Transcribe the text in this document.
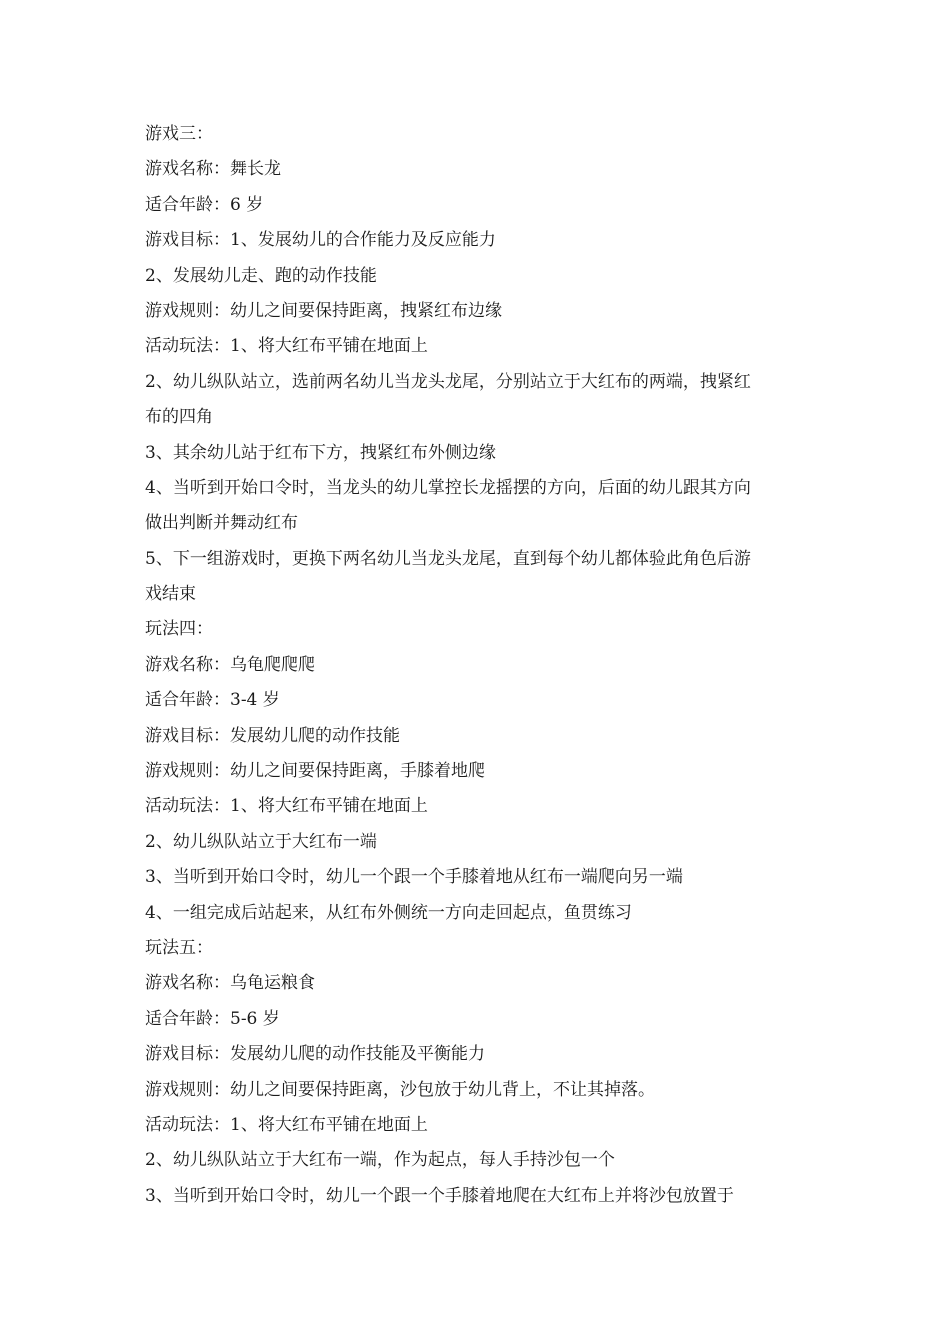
游戏三：
游戏名称：舞长龙
适合年龄：6 岁
游戏目标：1、发展幼儿的合作能力及反应能力
2、发展幼儿走、跑的动作技能
游戏规则：幼儿之间要保持距离，拽紧红布边缘
活动玩法：1、将大红布平铺在地面上
2、幼儿纵队站立，选前两名幼儿当龙头龙尾，分别站立于大红布的两端，拽紧红
布的四角
3、其余幼儿站于红布下方，拽紧红布外侧边缘
4、当听到开始口令时，当龙头的幼儿掌控长龙摇摆的方向，后面的幼儿跟其方向
做出判断并舞动红布
5、下一组游戏时，更换下两名幼儿当龙头龙尾，直到每个幼儿都体验此角色后游
戏结束
玩法四：
游戏名称：乌龟爬爬爬
适合年龄：3-4 岁
游戏目标：发展幼儿爬的动作技能
游戏规则：幼儿之间要保持距离，手膝着地爬
活动玩法：1、将大红布平铺在地面上
2、幼儿纵队站立于大红布一端
3、当听到开始口令时，幼儿一个跟一个手膝着地从红布一端爬向另一端
4、一组完成后站起来，从红布外侧统一方向走回起点，鱼贯练习
玩法五：
游戏名称：乌龟运粮食
适合年龄：5-6 岁
游戏目标：发展幼儿爬的动作技能及平衡能力
游戏规则：幼儿之间要保持距离，沙包放于幼儿背上，不让其掉落。
活动玩法：1、将大红布平铺在地面上
2、幼儿纵队站立于大红布一端，作为起点，每人手持沙包一个
3、当听到开始口令时，幼儿一个跟一个手膝着地爬在大红布上并将沙包放置于
